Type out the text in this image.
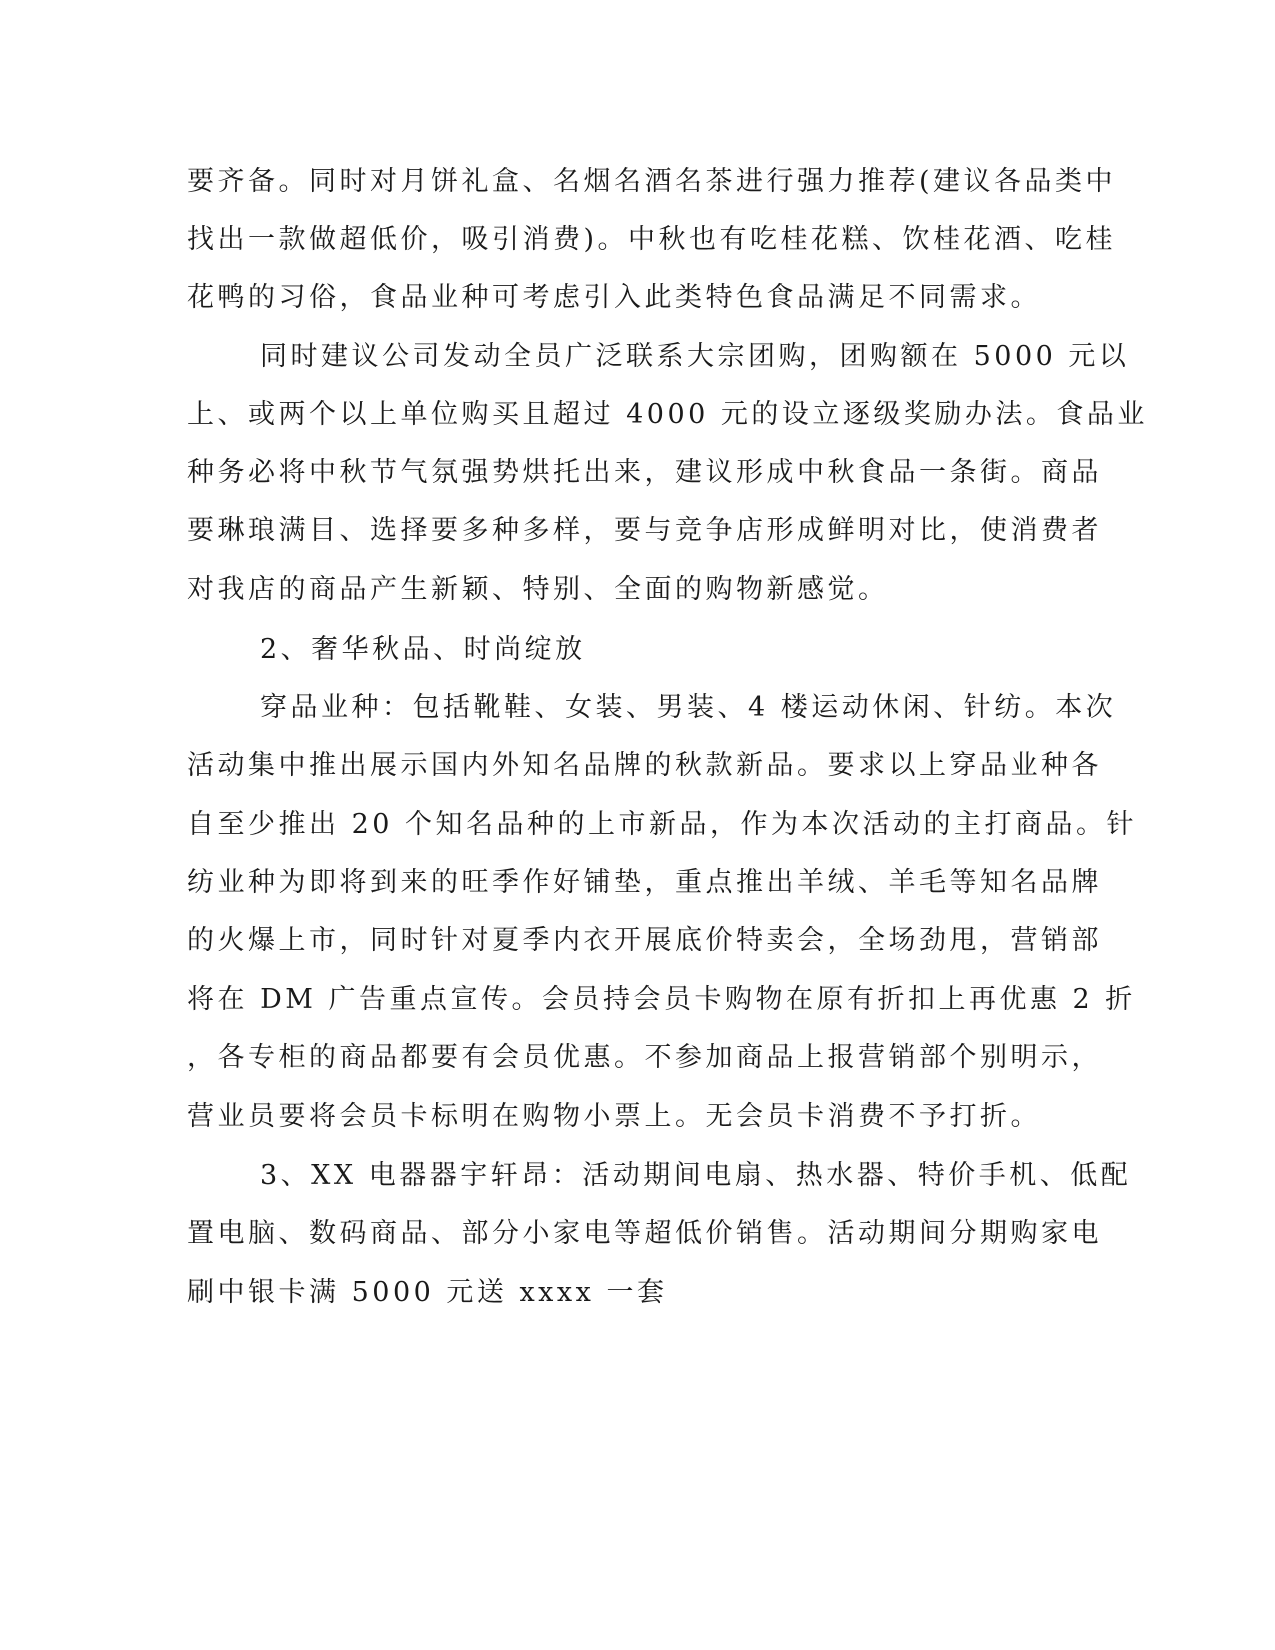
要齐备。同时对月饼礼盒、名烟名酒名茶进行强力推荐(建议各品类中
找出一款做超低价，吸引消费)。中秋也有吃桂花糕、饮桂花酒、吃桂
花鸭的习俗，食品业种可考虑引入此类特色食品满足不同需求。
同时建议公司发动全员广泛联系大宗团购，团购额在 5000 元以
上、或两个以上单位购买且超过 4000 元的设立逐级奖励办法。食品业
种务必将中秋节气氛强势烘托出来，建议形成中秋食品一条街。商品
要琳琅满目、选择要多种多样，要与竞争店形成鲜明对比，使消费者
对我店的商品产生新颖、特别、全面的购物新感觉。
2、奢华秋品、时尚绽放
穿品业种：包括靴鞋、女装、男装、4 楼运动休闲、针纺。本次
活动集中推出展示国内外知名品牌的秋款新品。要求以上穿品业种各
自至少推出 20 个知名品种的上市新品，作为本次活动的主打商品。针
纺业种为即将到来的旺季作好铺垫，重点推出羊绒、羊毛等知名品牌
的火爆上市，同时针对夏季内衣开展底价特卖会，全场劲甩，营销部
将在 DM 广告重点宣传。会员持会员卡购物在原有折扣上再优惠 2 折
，各专柜的商品都要有会员优惠。不参加商品上报营销部个别明示，
营业员要将会员卡标明在购物小票上。无会员卡消费不予打折。
3、XX 电器器宇轩昂：活动期间电扇、热水器、特价手机、低配
置电脑、数码商品、部分小家电等超低价销售。活动期间分期购家电
刷中银卡满 5000 元送 xxxx 一套
